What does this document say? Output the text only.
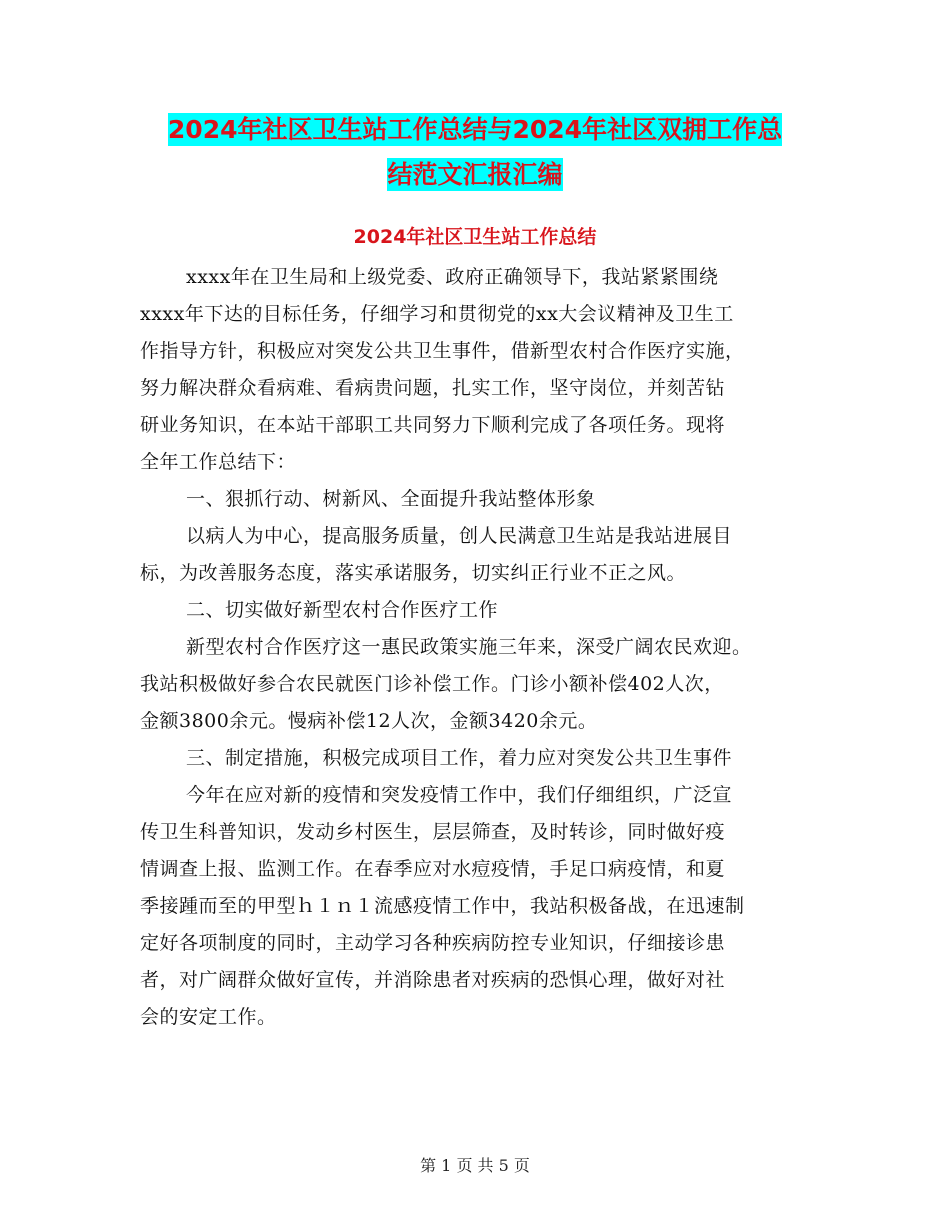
2024年社区卫生站工作总结与2024年社区双拥工作总
结范文汇报汇编
2024年社区卫生站工作总结
xxxx年在卫生局和上级党委、政府正确领导下，我站紧紧围绕
xxxx年下达的目标任务，仔细学习和贯彻党的xx大会议精神及卫生工
作指导方针，积极应对突发公共卫生事件，借新型农村合作医疗实施，
努力解决群众看病难、看病贵问题，扎实工作，坚守岗位，并刻苦钻
研业务知识，在本站干部职工共同努力下顺利完成了各项任务。现将
全年工作总结下：
一、狠抓行动、树新风、全面提升我站整体形象
以病人为中心，提高服务质量，创人民满意卫生站是我站进展目
标，为改善服务态度，落实承诺服务，切实纠正行业不正之风。
二、切实做好新型农村合作医疗工作
新型农村合作医疗这一惠民政策实施三年来，深受广阔农民欢迎。
我站积极做好参合农民就医门诊补偿工作。门诊小额补偿402人次，
金额3800余元。慢病补偿12人次，金额3420余元。
三、制定措施，积极完成项目工作，着力应对突发公共卫生事件
今年在应对新的疫情和突发疫情工作中，我们仔细组织，广泛宣
传卫生科普知识，发动乡村医生，层层筛查，及时转诊，同时做好疫
情调查上报、监测工作。在春季应对水痘疫情，手足口病疫情，和夏
季接踵而至的甲型ｈ１ｎ１流感疫情工作中，我站积极备战，在迅速制
定好各项制度的同时，主动学习各种疾病防控专业知识，仔细接诊患
者，对广阔群众做好宣传，并消除患者对疾病的恐惧心理，做好对社
会的安定工作。
第 1 页 共 5 页
